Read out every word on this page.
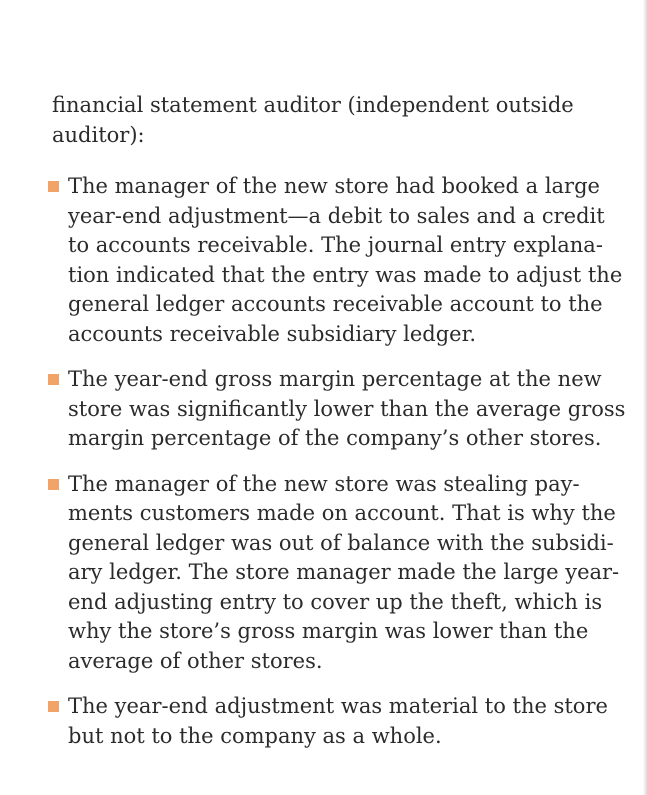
financial statement auditor (independent outside
auditor):

The manager of the new store had booked a large
year-end adjustment—a debit to sales and a credit
to accounts receivable. The journal entry explana-
tion indicated that the entry was made to adjust the
general ledger accounts receivable account to the
accounts receivable subsidiary ledger.
The year-end gross margin percentage at the new
store was significantly lower than the average gross
margin percentage of the company’s other stores.
The manager of the new store was stealing pay-
ments customers made on account. That is why the
general ledger was out of balance with the subsidi-
ary ledger. The store manager made the large year-
end adjusting entry to cover up the theft, which is
why the store’s gross margin was lower than the
average of other stores.
The year-end adjustment was material to the store
but not to the company as a whole.
